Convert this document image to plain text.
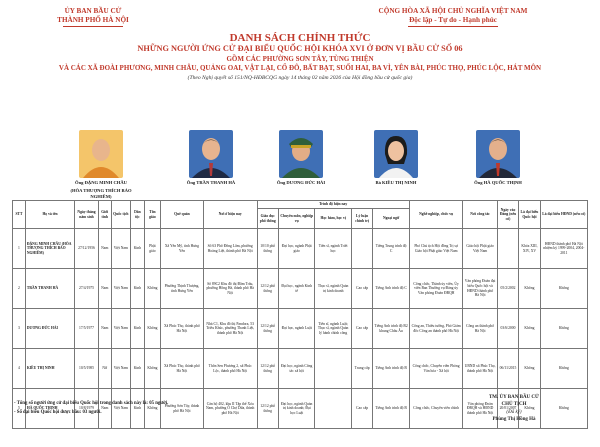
ỦY BAN BẦU CỬ
THÀNH PHỐ HÀ NỘI
CỘNG HÒA XÃ HỘI CHỦ NGHĨA VIỆT NAM
Độc lập - Tự do - Hạnh phúc
DANH SÁCH CHÍNH THỨC
NHỮNG NGƯỜI ỨNG CỬ ĐẠI BIỂU QUỐC HỘI KHÓA XVI Ở ĐƠN VỊ BẦU CỬ SỐ 06
GỒM CÁC PHƯỜNG SƠN TÂY, TÙNG THIỆN
VÀ CÁC XÃ ĐOÀI PHƯƠNG, MINH CHÂU, QUẢNG OAI, VẬT LẠI, CỔ ĐÔ, BẤT BẠT, SUỐI HAI, BA VÌ, YÊN BÀI, PHÚC THỌ, PHÚC LỘC, HÁT MÔN
(Theo Nghị quyết số 151/NQ-HĐBCQG ngày 14 tháng 02 năm 2026 của Hội đồng bầu cử quốc gia)
Ông ĐẶNG MINH CHÂU
(HÒA THƯỢNG THÍCH BẢO NGHIÊM)
Ông TRẦN THANH HÀ	Ông DƯƠNG ĐỨC HẢI	Bà KIỀU THỊ NINH	Ông HÀ QUỐC THỊNH
STT	Họ và tên	Ngày tháng năm sinh	Giới tính	Quốc tịch	Dân tộc	Tôn giáo	Quê quán	Nơi ở hiện nay	Trình độ hiện nay					Nghề nghiệp, chức vụ	Nơi công tác	Ngày vào Đảng (nếu có)	Là đại biểu Quốc hội	Là đại biểu HĐND (nếu có)
									Giáo dục phổ thông	Chuyên môn, nghiệp vụ	Học hàm, học vị	Lý luận chính trị	Ngoại ngữ					
1	ĐẶNG MINH CHÂU (HÒA THƯỢNG THÍCH BẢO NGHIÊM)	27/12/1956	Nam	Việt Nam	Kinh	Phật giáo	Xã Yên Mỹ, tỉnh Hưng Yên	Số 63 Phố Đồng Lãm, phường Hoàng Liệt, thành phố Hà Nội	10/10 phổ thông	Đại học, ngành Phật giáo	Tiến sĩ, ngành Triết học		Tiếng Trung trình độ C	Phó Chủ tịch Hội đồng Trị sự Giáo hội Phật giáo Việt Nam	Giáo hội Phật giáo Việt Nam		Khóa XIII, XIV, XV	HĐND thành phố Hà Nội nhiệm kỳ 1999-2004, 2004-2011
2	TRẦN THANH HÀ	27/4/1975	Nam	Việt Nam	Kinh	Không	Phường Thịnh Thượng, tỉnh Hưng Yên	Số 89C2 Khu đô thị Đầm Trấu, phường Hồng Hà, thành phố Hà Nội	12/12 phổ thông	Đại học, ngành Kinh tế	Thạc sĩ, ngành Quản trị kinh doanh	Cao cấp	Tiếng Anh trình độ C	Công chức, Thành ủy viên, Ủy viên Ban Thường vụ Đảng ủy Văn phòng Đoàn ĐBQH	Văn phòng Đoàn đại biểu Quốc hội và HĐND thành phố Hà Nội	05/2/2002	Không	Không
3	DƯƠNG ĐỨC HẢI	17/5/1977	Nam	Việt Nam	Kinh	Không	Xã Phúc Thọ, thành phố Hà Nội	Nhà C1, Khu đô thị Pandora, 53 Triều Khúc, phường Thanh Liệt, thành phố Hà Nội	12/12 phổ thông	Đại học, ngành Luật	Tiến sĩ, ngành Luật; Thạc sĩ, ngành Quản lý hành chính công	Cao cấp	Tiếng Anh trình độ B2 khung Châu Âu	Công an, Thiếu tướng, Phó Giám đốc Công an thành phố Hà Nội	Công an thành phố Hà Nội	03/6/2000	Không	Không
4	KIỀU THỊ NINH	10/5/1985	Nữ	Việt Nam	Kinh	Không	Xã Phúc Thọ, thành phố Hà Nội	Thôn Sen Phương 2, xã Phúc Lộc, thành phố Hà Nội	12/12 phổ thông	Đại học, ngành Công tác xã hội		Trung cấp	Tiếng Anh trình độ B	Công chức, Chuyên viên Phòng Văn hóa - Xã hội	UBND xã Phúc Thọ, thành phố Hà Nội	06/11/2015	Không	Không
5	HÀ QUỐC THỊNH	10/8/1979	Nam	Việt Nam	Kinh	Không	Phường Sơn Tây, thành phố Hà Nội	Căn hộ 402, khu II Tập thể Xóa Nam, phường Ô Chợ Dừa, thành phố Hà Nội	12/12 phổ thông	Đại học, ngành Quản trị kinh doanh; Đại học Luật		Cao cấp	Tiếng Anh trình độ B	Công chức, Chuyên viên chính	Văn phòng Đoàn ĐBQH và HĐND thành phố Hà Nội	20/01/2007	Không	Không
- Tổng số người ứng cử đại biểu Quốc hội trong danh sách này là: 05 người.
- Số đại biểu Quốc hội được bầu: 03 người.
TM. ỦY BAN BẦU CỬ
CHỦ TỊCH
(Đã ký)
Phùng Thị Hồng Hà
